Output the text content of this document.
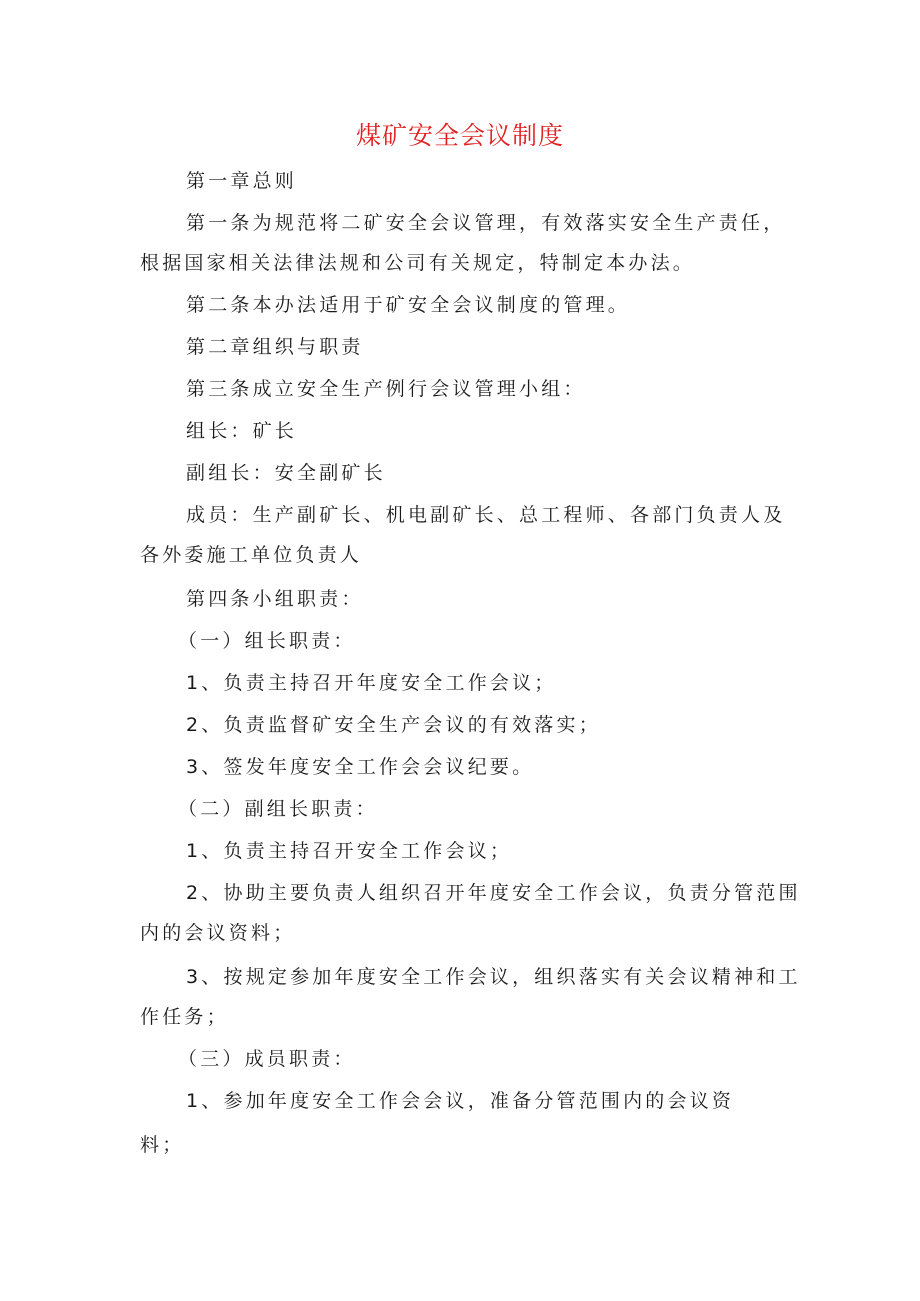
煤矿安全会议制度
第一章总则
第一条为规范将二矿安全会议管理，有效落实安全生产责任，
根据国家相关法律法规和公司有关规定，特制定本办法。
第二条本办法适用于矿安全会议制度的管理。
第二章组织与职责
第三条成立安全生产例行会议管理小组：
组长：矿长
副组长：安全副矿长
成员：生产副矿长、机电副矿长、总工程师、各部门负责人及
各外委施工单位负责人
第四条小组职责：
（一）组长职责：
1、负责主持召开年度安全工作会议；
2、负责监督矿安全生产会议的有效落实；
3、签发年度安全工作会会议纪要。
（二）副组长职责：
1、负责主持召开安全工作会议；
2、协助主要负责人组织召开年度安全工作会议，负责分管范围
内的会议资料；
3、按规定参加年度安全工作会议，组织落实有关会议精神和工
作任务；
（三）成员职责：
1、参加年度安全工作会会议，准备分管范围内的会议资
料；
